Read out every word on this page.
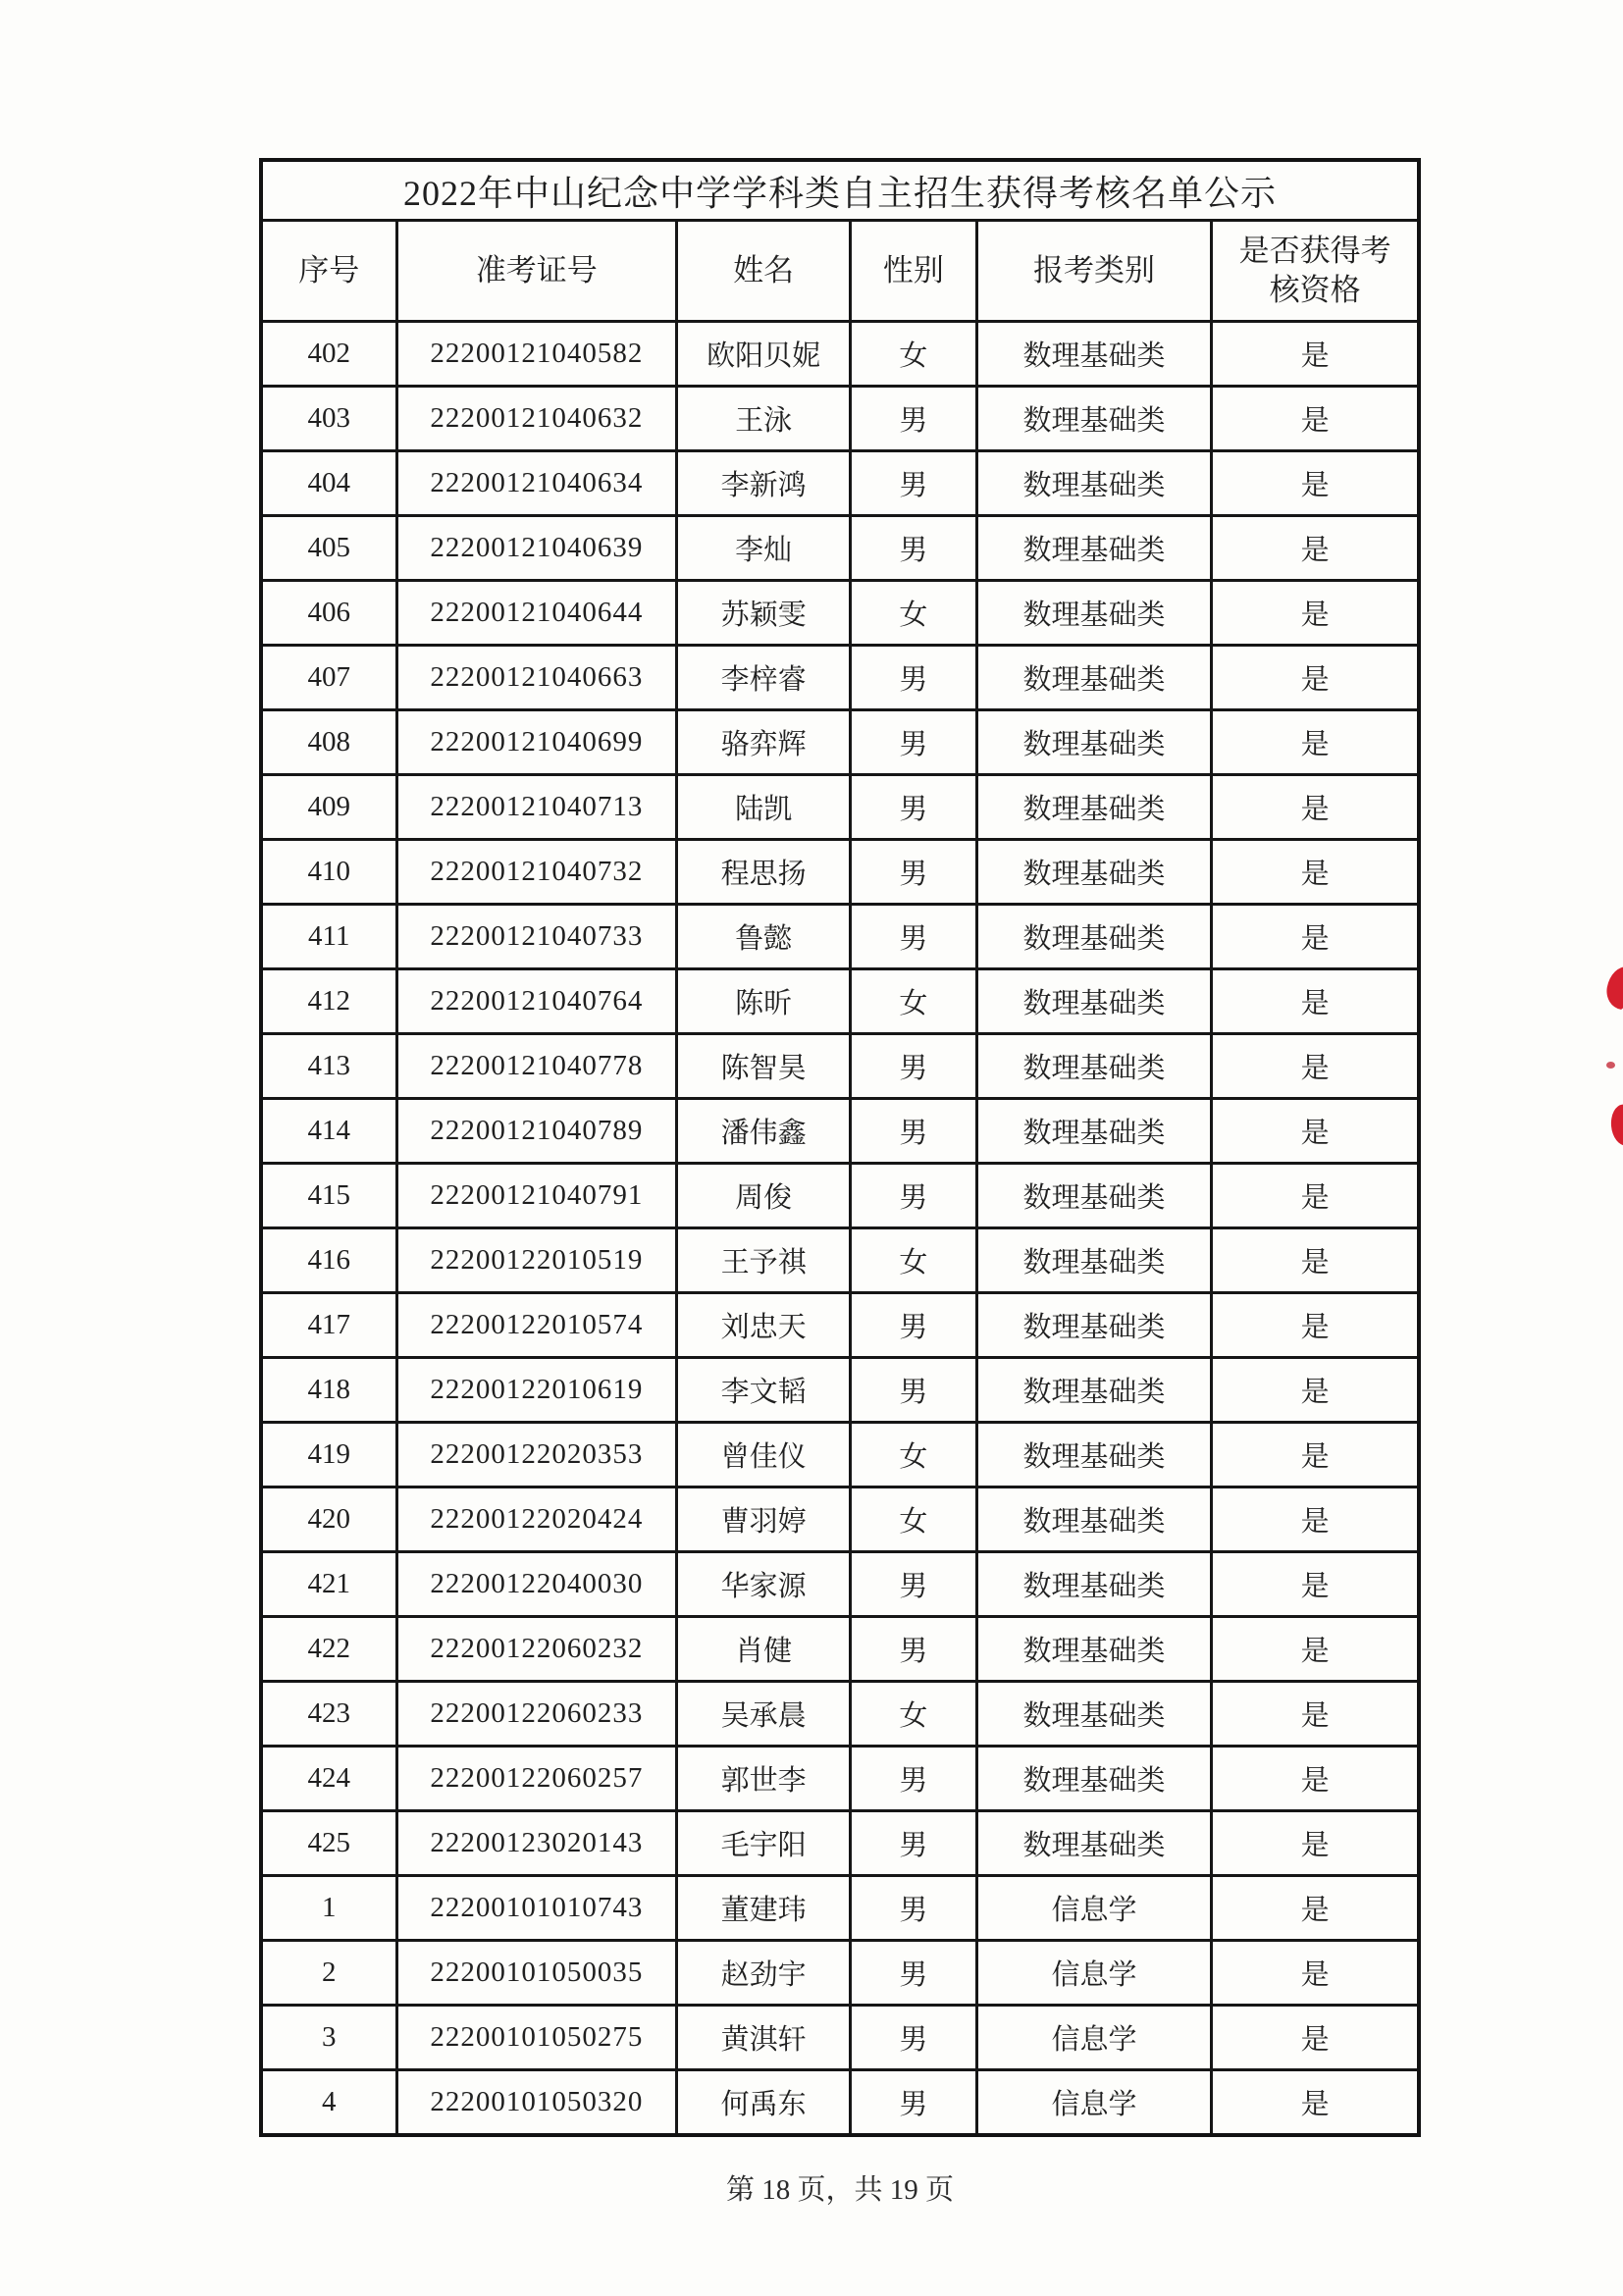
2022年中山纪念中学学科类自主招生获得考核名单公示					
序号	准考证号	姓名	性别	报考类别	是否获得考核资格
402	22200121040582	欧阳贝妮	女	数理基础类	是
403	22200121040632	王泳	男	数理基础类	是
404	22200121040634	李新鸿	男	数理基础类	是
405	22200121040639	李灿	男	数理基础类	是
406	22200121040644	苏颖雯	女	数理基础类	是
407	22200121040663	李梓睿	男	数理基础类	是
408	22200121040699	骆弈辉	男	数理基础类	是
409	22200121040713	陆凯	男	数理基础类	是
410	22200121040732	程思扬	男	数理基础类	是
411	22200121040733	鲁懿	男	数理基础类	是
412	22200121040764	陈昕	女	数理基础类	是
413	22200121040778	陈智昊	男	数理基础类	是
414	22200121040789	潘伟鑫	男	数理基础类	是
415	22200121040791	周俊	男	数理基础类	是
416	22200122010519	王予祺	女	数理基础类	是
417	22200122010574	刘忠天	男	数理基础类	是
418	22200122010619	李文韬	男	数理基础类	是
419	22200122020353	曾佳仪	女	数理基础类	是
420	22200122020424	曹羽婷	女	数理基础类	是
421	22200122040030	华家源	男	数理基础类	是
422	22200122060232	肖健	男	数理基础类	是
423	22200122060233	吴承晨	女	数理基础类	是
424	22200122060257	郭世李	男	数理基础类	是
425	22200123020143	毛宇阳	男	数理基础类	是
1	22200101010743	董建玮	男	信息学	是
2	22200101050035	赵劲宇	男	信息学	是
3	22200101050275	黄淇轩	男	信息学	是
4	22200101050320	何禹东	男	信息学	是
第 18 页，共 19 页
